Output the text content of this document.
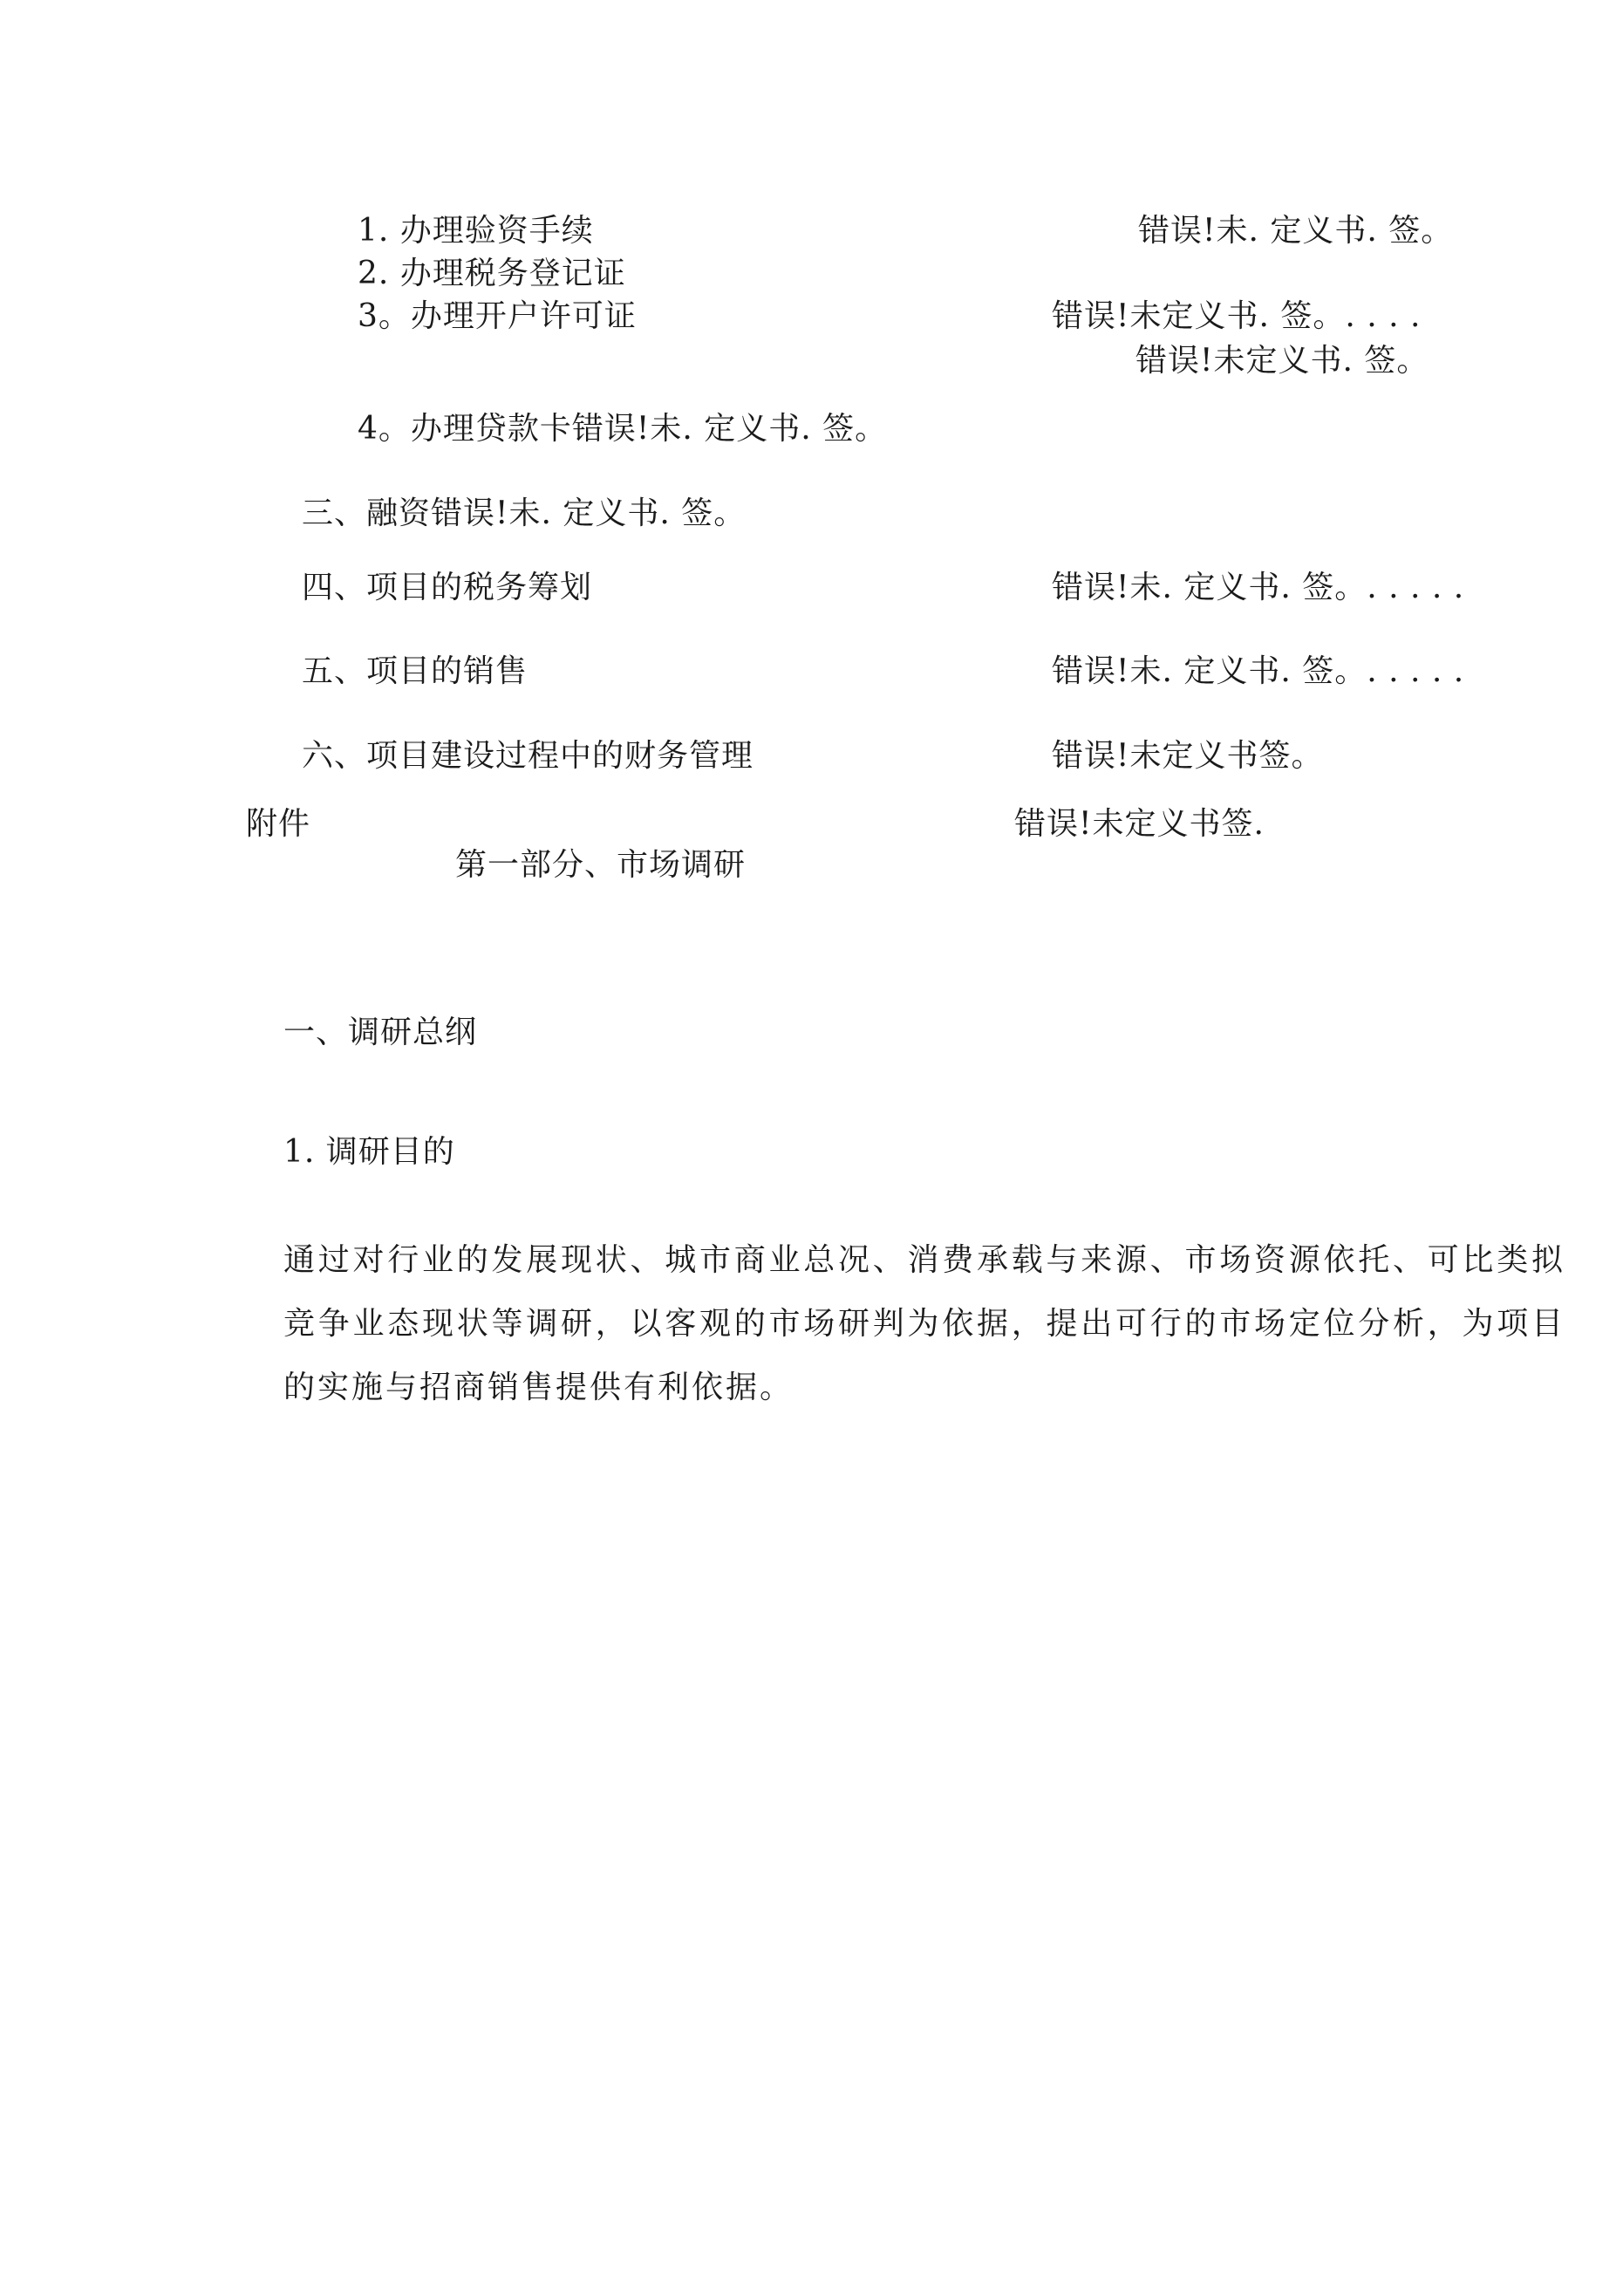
1. 办理验资手续	错误!未. 定义书. 签。
2. 办理税务登记证
3。办理开户许可证	错误!未定义书. 签。. . . .
错误!未定义书. 签。
4。办理贷款卡错误!未. 定义书. 签。
三、融资错误!未. 定义书. 签。
四、项目的税务筹划	错误!未. 定义书. 签。. . . . .
五、项目的销售	错误!未. 定义书. 签。. . . . .
六、项目建设过程中的财务管理	错误!未定义书签。
附件	错误!未定义书签.
第一部分、市场调研
一、调研总纲
1. 调研目的
通过对行业的发展现状、城市商业总况、消费承载与来源、市场资源依托、可比类拟竞争业态现状等调研，以客观的市场研判为依据，提出可行的市场定位分析，为项目的实施与招商销售提供有利依据。
